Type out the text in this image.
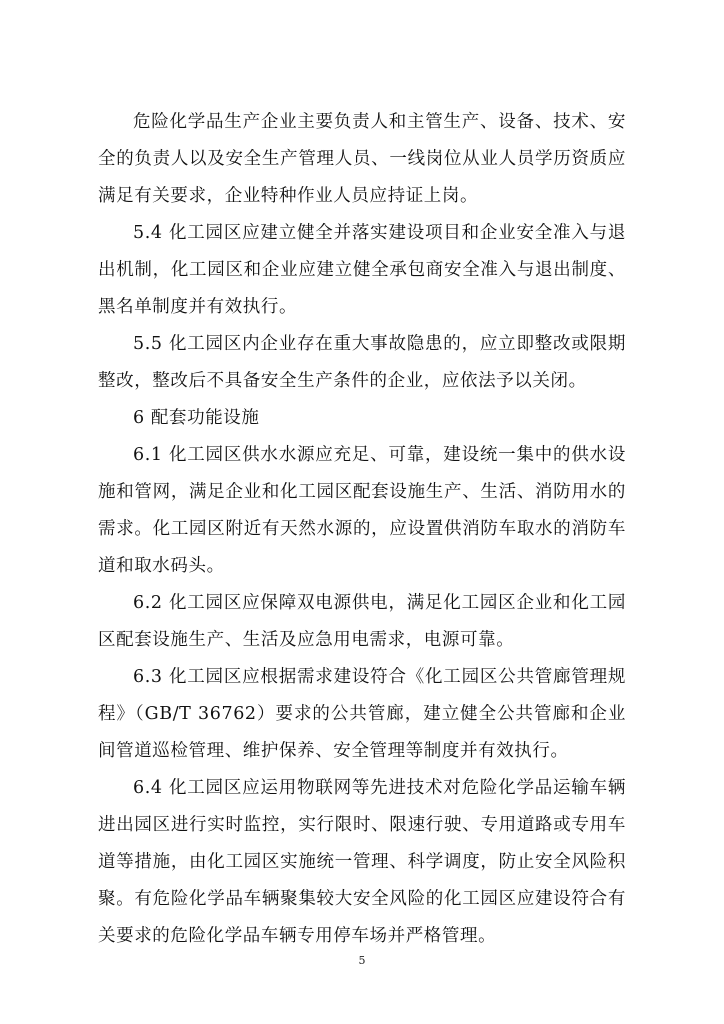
危险化学品生产企业主要负责人和主管生产、设备、技术、安全的负责人以及安全生产管理人员、一线岗位从业人员学历资质应满足有关要求，企业特种作业人员应持证上岗。

5.4 化工园区应建立健全并落实建设项目和企业安全准入与退出机制，化工园区和企业应建立健全承包商安全准入与退出制度、黑名单制度并有效执行。

5.5 化工园区内企业存在重大事故隐患的，应立即整改或限期整改，整改后不具备安全生产条件的企业，应依法予以关闭。

6 配套功能设施

6.1 化工园区供水水源应充足、可靠，建设统一集中的供水设施和管网，满足企业和化工园区配套设施生产、生活、消防用水的需求。化工园区附近有天然水源的，应设置供消防车取水的消防车道和取水码头。

6.2 化工园区应保障双电源供电，满足化工园区企业和化工园区配套设施生产、生活及应急用电需求，电源可靠。

6.3 化工园区应根据需求建设符合《化工园区公共管廊管理规程》（GB/T 36762）要求的公共管廊，建立健全公共管廊和企业间管道巡检管理、维护保养、安全管理等制度并有效执行。

6.4 化工园区应运用物联网等先进技术对危险化学品运输车辆进出园区进行实时监控，实行限时、限速行驶、专用道路或专用车道等措施，由化工园区实施统一管理、科学调度，防止安全风险积聚。有危险化学品车辆聚集较大安全风险的化工园区应建设符合有关要求的危险化学品车辆专用停车场并严格管理。

5
